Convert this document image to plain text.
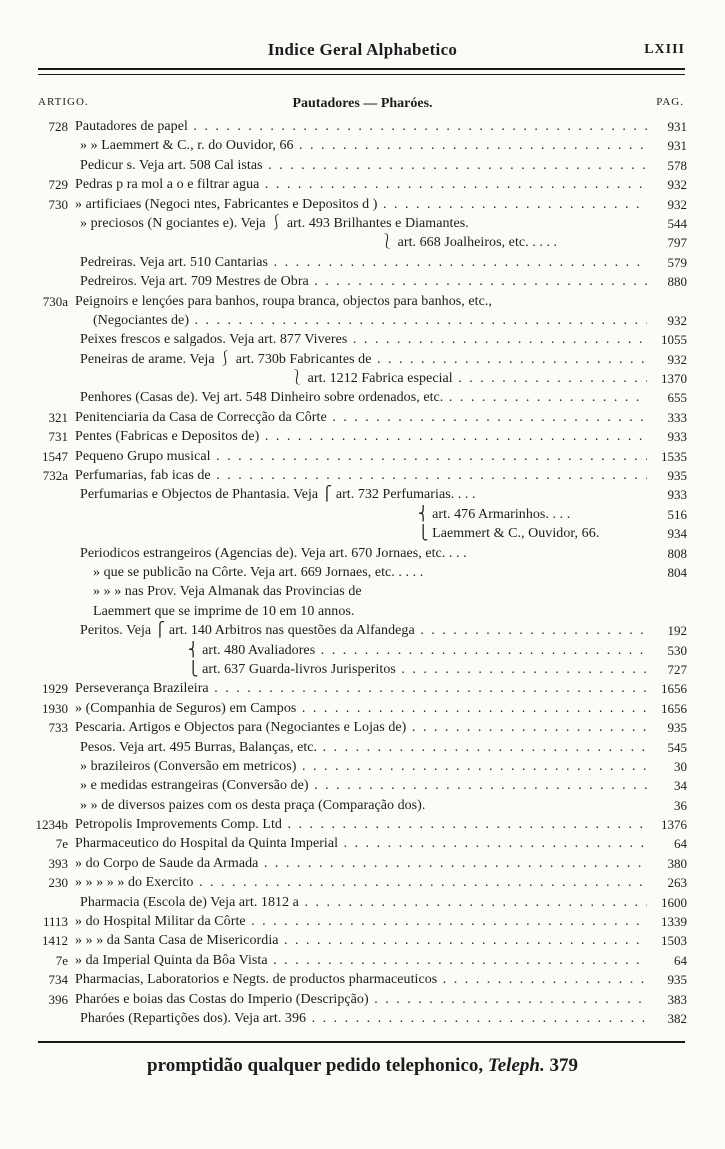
Indice Geral Alphabetico	LXIII
ARTIGO.	Pautadores — Pharóes.	PAG.
728 Pautadores de papel . . .	931
» » Laemmert & C., r. do Ouvidor, 66 . . .	931
Pedicur s. Veja art. 508 Cal istas . . .	578
729 Pedras p ra mol a o e filtrar agua . . .	932
730 » artificiaes (Negoci ntes, Fabricantes e Depositos d ) . . .	932
» preciosos (N gociantes e). Veja ⎰ art. 493 Brilhantes e Diamantes.	544
⎱ art. 668 Joalheiros, etc. . . . .	797
Pedreiras. Veja art. 510 Cantarias . . .	579
Pedreiros. Veja art. 709 Mestres de Obra . . .	880
730a Peignoirs e lençóes para banhos, roupa branca, objectos para banhos, etc.,
(Negociantes de) . . .	932
Peixes frescos e salgados. Veja art. 877 Viveres . . .	1055
Peneiras de arame. Veja ⎰ art. 730b Fabricantes de . . .	932
⎱ art. 1212 Fabrica especial . . .	1370
Penhores (Casas de). Vej art. 548 Dinheiro sobre ordenados, etc. . . .	655
321 Penitenciaria da Casa de Correcção da Côrte . . .	333
731 Pentes (Fabricas e Depositos de) . . .	933
1547 Pequeno Grupo musical . . .	1535
732a Perfumarias, fab icas de . . .	935
Perfumarias e Objectos de Phantasia. Veja ⎧ art. 732 Perfumarias. . . .	933
⎨ art. 476 Armarinhos. . . .	516
⎩ Laemmert & C., Ouvidor, 66.	934
Periodicos estrangeiros (Agencias de). Veja art. 670 Jornaes, etc. . . .	808
» que se publicão na Côrte. Veja art. 669 Jornaes, etc. . . . .	804
» » » nas Prov. Veja Almanak das Provincias de
Laemmert que se imprime de 10 em 10 annos.
Peritos. Veja ⎧ art. 140 Arbitros nas questões da Alfandega . . .	192
⎨ art. 480 Avaliadores . . .	530
⎩ art. 637 Guarda-livros Jurisperitos . . .	727
1929 Perseverança Brazileira . . .	1656
1930 » (Companhia de Seguros) em Campos . . .	1656
733 Pescaria. Artigos e Objectos para (Negociantes e Lojas de) . . .	935
Pesos. Veja art. 495 Burras, Balanças, etc. . . .	545
» brazileiros (Conversão em metricos) . . .	30
» e medidas estrangeiras (Conversão de) . . .	34
» » de diversos paizes com os desta praça (Comparação dos).	36
1234b Petropolis Improvements Comp. Ltd . . .	1376
7e Pharmaceutico do Hospital da Quinta Imperial . . .	64
393 » do Corpo de Saude da Armada . . .	380
230 » » » » » do Exercito . . .	263
Pharmacia (Escola de) Veja art. 1812 a . . .	1600
1113 » do Hospital Militar da Côrte . . .	1339
1412 » » » da Santa Casa de Misericordia . . .	1503
7e » da Imperial Quinta da Bôa Vista . . .	64
734 Pharmacias, Laboratorios e Negts. de productos pharmaceuticos . . .	935
396 Pharóes e boias das Costas do Imperio (Descripção) . . .	383
Pharóes (Repartições dos). Veja art. 396 . . .	382
promptidão qualquer pedido telephonico, Teleph. 379
